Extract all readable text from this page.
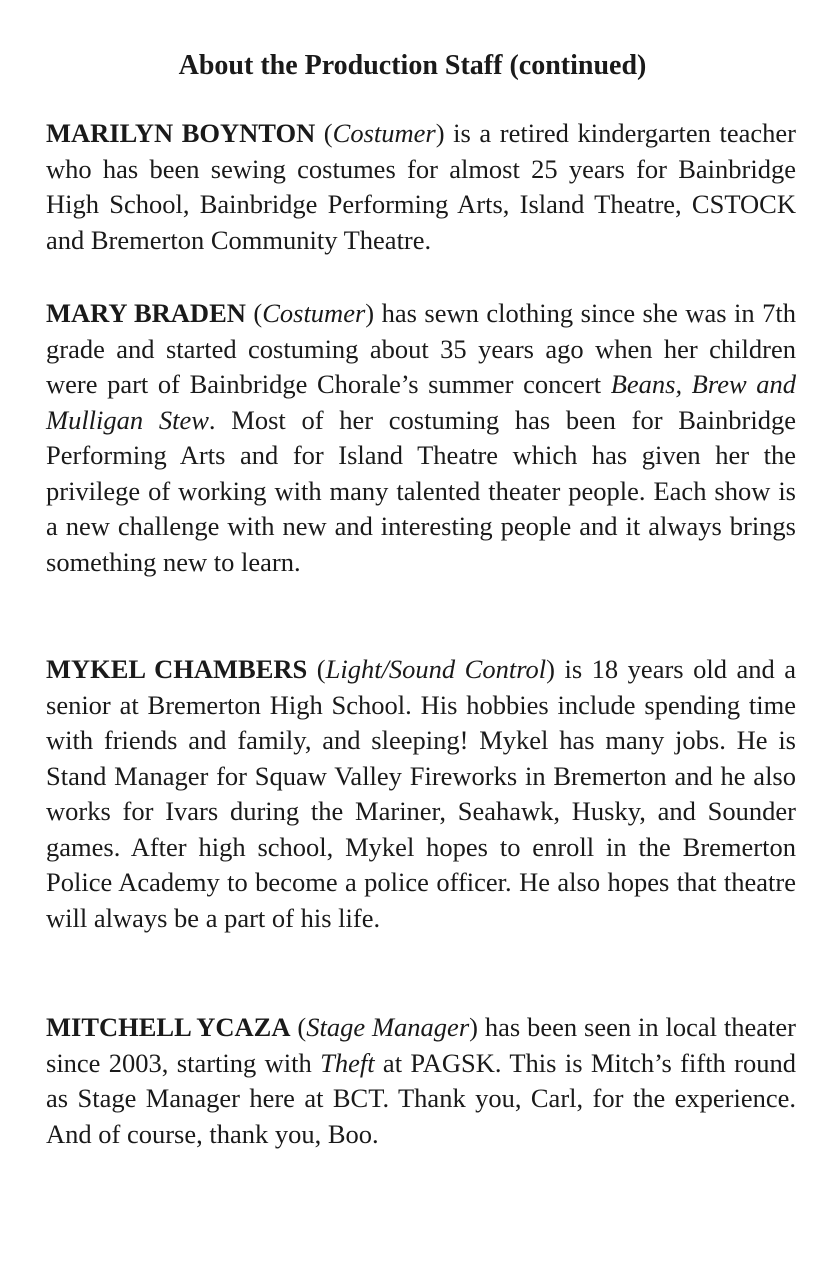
About the Production Staff (continued)

MARILYN BOYNTON (Costumer) is a retired kindergarten teacher who has been sewing costumes for almost 25 years for Bainbridge High School, Bainbridge Performing Arts, Island Theatre, CSTOCK and Bremerton Community Theatre.

MARY BRADEN (Costumer) has sewn clothing since she was in 7th grade and started costuming about 35 years ago when her children were part of Bainbridge Chorale’s summer concert Beans, Brew and Mulligan Stew. Most of her costuming has been for Bainbridge Performing Arts and for Island Theatre which has given her the privilege of working with many talented theater people. Each show is a new challenge with new and interesting people and it always brings something new to learn.

MYKEL CHAMBERS (Light/Sound Control) is 18 years old and a senior at Bremerton High School. His hobbies include spending time with friends and family, and sleeping! Mykel has many jobs. He is Stand Manager for Squaw Valley Fireworks in Bremerton and he also works for Ivars during the Mariner, Seahawk, Husky, and Sounder games. After high school, Mykel hopes to enroll in the Bremerton Police Academy to become a police officer. He also hopes that theatre will always be a part of his life.

MITCHELL YCAZA (Stage Manager) has been seen in local theater since 2003, starting with Theft at PAGSK. This is Mitch’s fifth round as Stage Manager here at BCT. Thank you, Carl, for the experience. And of course, thank you, Boo.
